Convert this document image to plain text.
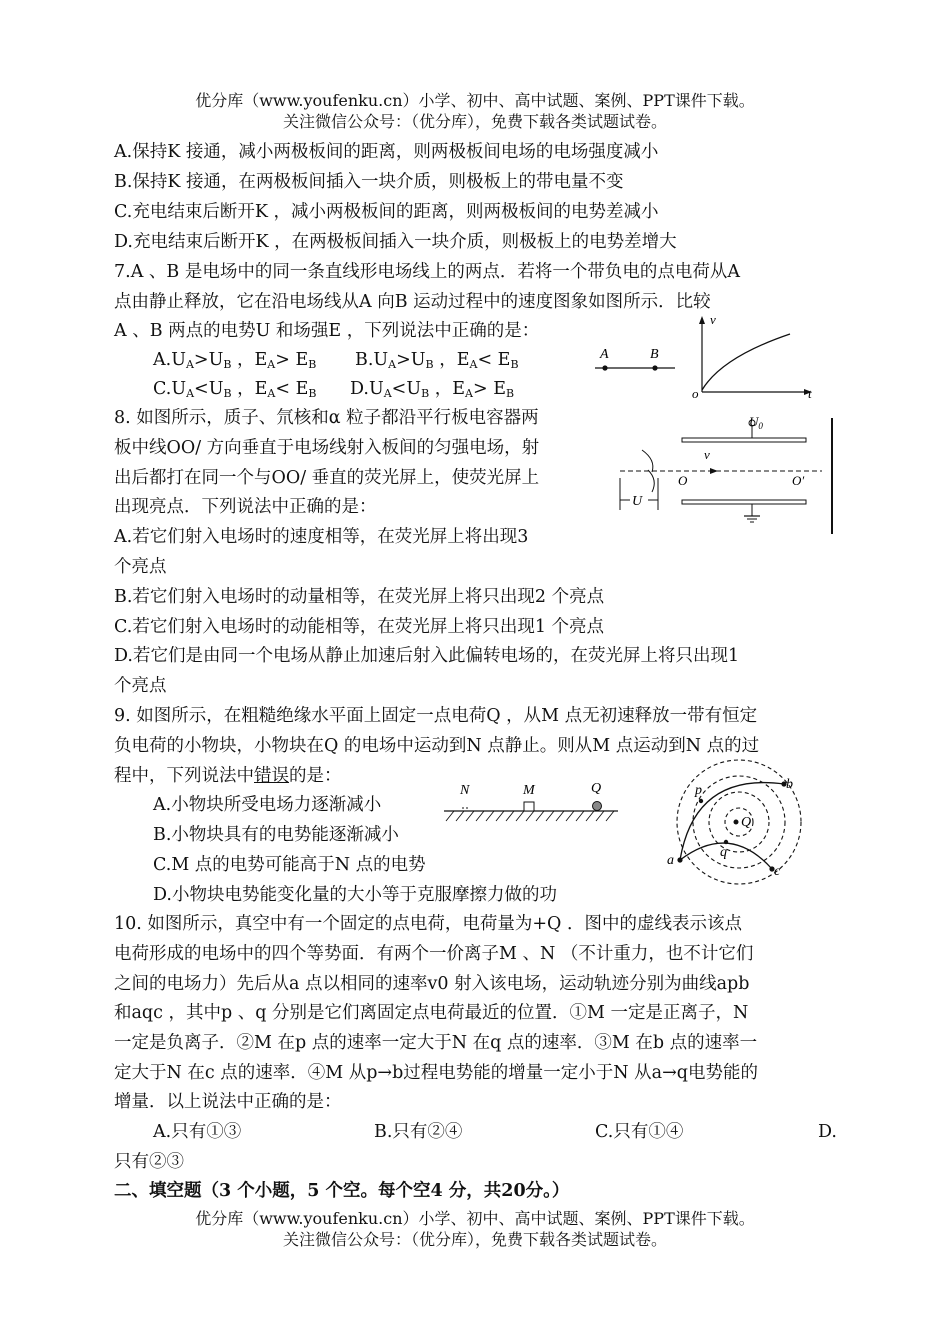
优分库（www.youfenku.cn）小学、初中、高中试题、案例、PPT课件下载。
关注微信公众号：（优分库），免费下载各类试题试卷。
A.保持K 接通，减小两极板间的距离，则两极板间电场的电场强度减小
B.保持K 接通，在两极板间插入一块介质，则极板上的带电量不变
C.充电结束后断开K ，减小两极板间的距离，则两极板间的电势差减小
D.充电结束后断开K ，在两极板间插入一块介质，则极板上的电势差增大
7.A 、B 是电场中的同一条直线形电场线上的两点．若将一个带负电的点电荷从A
点由静止释放，它在沿电场线从A 向B 运动过程中的速度图象如图所示．比较
A 、B 两点的电势U 和场强E ，下列说法中正确的是：
$A.U_A>U_B$ ，$E_A> E_B$ $B.U_A>U_B$ ，$E_A< E_B$
$C.U_A<U_B$ ，$E_A< E_B$ $D.U_A<U_B$ ，$E_A> E_B$
A	B
v
o	t
8. 如图所示，质子、氘核和α 粒子都沿平行板电容器两
板中线OO/ 方向垂直于电场线射入板间的匀强电场，射
出后都打在同一个与OO/ 垂直的荧光屏上，使荧光屏上
出现亮点．下列说法中正确的是：
A.若它们射入电场时的速度相等，在荧光屏上将出现3
个亮点
B.若它们射入电场时的动量相等，在荧光屏上将只出现2 个亮点
C.若它们射入电场时的动能相等，在荧光屏上将只出现1 个亮点
D.若它们是由同一个电场从静止加速后射入此偏转电场的，在荧光屏上将只出现1
个亮点
$U_0$
v
O	O′
U
9. 如图所示，在粗糙绝缘水平面上固定一点电荷Q ，从M 点无初速释放一带有恒定
负电荷的小物块，小物块在Q 的电场中运动到N 点静止。则从M 点运动到N 点的过
程中，下列说法中错误的是：
A.小物块所受电场力逐渐减小
B.小物块具有的电势能逐渐减小
C.M 点的电势可能高于N 点的电势
D.小物块电势能变化量的大小等于克服摩擦力做的功
N	M	Q
Q
p	b
a
q
c
10. 如图所示，真空中有一个固定的点电荷，电荷量为+Q ．图中的虚线表示该点
电荷形成的电场中的四个等势面．有两个一价离子M 、N （不计重力，也不计它们
之间的电场力）先后从a 点以相同的速率v0 射入该电场，运动轨迹分别为曲线apb
和aqc ，其中p 、q 分别是它们离固定点电荷最近的位置．①M 一定是正离子，N
一定是负离子．②M 在p 点的速率一定大于N 在q 点的速率．③M 在b 点的速率一
定大于N 在c 点的速率．④M 从p→b过程电势能的增量一定小于N 从a→q电势能的
增量．以上说法中正确的是：
A.只有①③	B.只有②④	C.只有①④	D.
只有②③
二、填空题（3 个小题，5 个空。每个空4 分，共20分。）
优分库（www.youfenku.cn）小学、初中、高中试题、案例、PPT课件下载。
关注微信公众号：（优分库），免费下载各类试题试卷。
